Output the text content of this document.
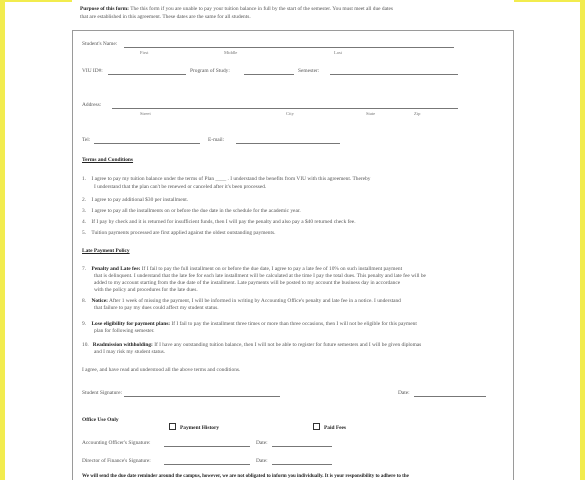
Purpose of this form: The this form if you are unable to pay your tuition balance in full by the start of the semester. You must meet all due dates
that are established in this agreement. These dates are the same for all students.
Student's Name:
First	Middle	Last
VIU ID#:	Program of Study:	Semester:
Address:
Street	City	State	Zip
Tel:	E-mail:
Terms and Conditions
1. I agree to pay my tuition balance under the terms of Plan ____ . I understand the benefits from VIU with this agreement. Thereby
I understand that the plan can't be renewed or canceled after it's been processed.
2. I agree to pay additional $30 per installment.
3. I agree to pay all the installments on or before the due date in the schedule for the academic year.
4. If I pay by check and it is returned for insufficient funds, then I will pay the penalty and also pay a $40 returned check fee.
5. Tuition payments processed are first applied against the oldest outstanding payments.
Late Payment Policy
7. Penalty and Late fee: If I fail to pay the full installment on or before the due date, I agree to pay a late fee of 10% on such installment payment
that is delinquent. I understand that the late fee for each late installment will be calculated at the time I pay the total dues. This penalty and late fee will be
added to my account starting from the due date of the installment. Late payments will be posted to my account the business day in accordance
with the policy and procedures for the late dues.
8. Notice: After 1 week of missing the payment, I will be informed in writing by Accounting Office's penalty and late fee in a notice. I understand
that failure to pay my dues could affect my student status.
9. Lose eligibility for payment plans: If I fail to pay the installment three times or more than three occasions, then I will not be eligible for this payment
plan for following semester.
10. Readmission withholding: If I have any outstanding tuition balance, then I will not be able to register for future semesters and I will be given diplomas
and I may risk my student status.
I agree, and have read and understood all the above terms and conditions.
Student Signature:	Date:
Office Use Only
Payment History	Paid Fees
Accounting Officer's Signature:	Date:
Director of Finance's Signature:	Date:
We will send the due date reminder around the campus, however, we are not obligated to inform you individually. It is your responsibility to adhere to the
